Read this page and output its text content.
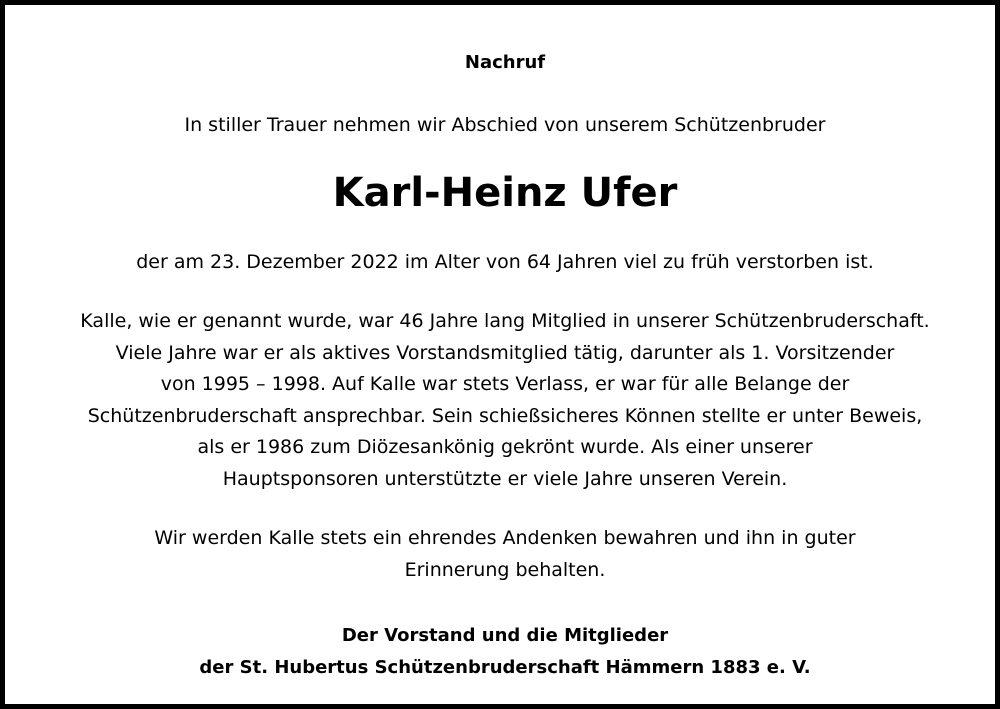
Nachruf
In stiller Trauer nehmen wir Abschied von unserem Schützenbruder
Karl-Heinz Ufer
der am 23. Dezember 2022 im Alter von 64 Jahren viel zu früh verstorben ist.
Kalle, wie er genannt wurde, war 46 Jahre lang Mitglied in unserer Schützenbruderschaft.
Viele Jahre war er als aktives Vorstandsmitglied tätig, darunter als 1. Vorsitzender
von 1995 – 1998. Auf Kalle war stets Verlass, er war für alle Belange der
Schützenbruderschaft ansprechbar. Sein schießsicheres Können stellte er unter Beweis,
als er 1986 zum Diözesankönig gekrönt wurde. Als einer unserer
Hauptsponsoren unterstützte er viele Jahre unseren Verein.
Wir werden Kalle stets ein ehrendes Andenken bewahren und ihn in guter
Erinnerung behalten.
Der Vorstand und die Mitglieder
der St. Hubertus Schützenbruderschaft Hämmern 1883 e. V.
